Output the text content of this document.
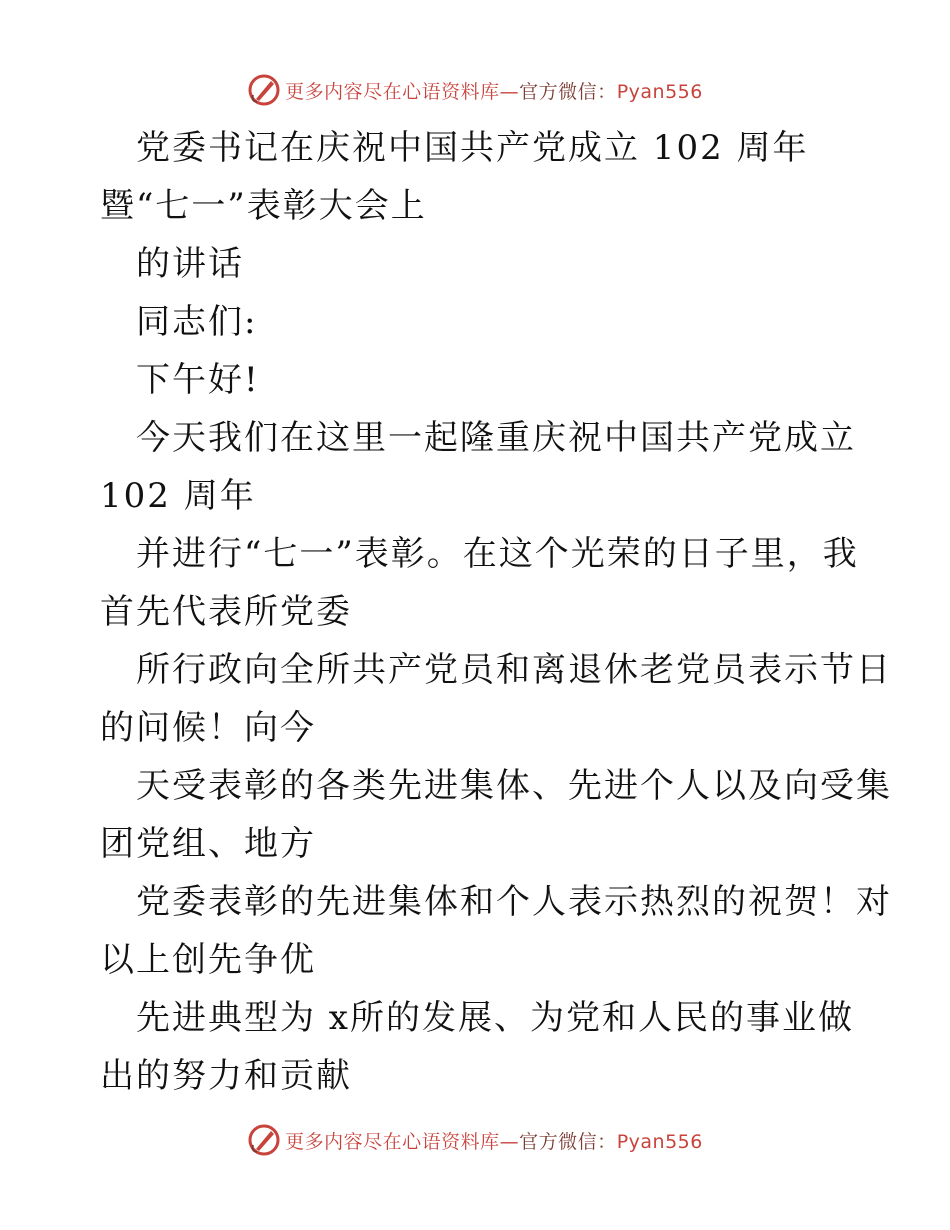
更多内容尽在心语资料库—官方微信：Pyan556
党委书记在庆祝中国共产党成立 102 周年
暨“七一”表彰大会上
的讲话
同志们:
下午好!
今天我们在这里一起隆重庆祝中国共产党成立
102 周年
并进行“七一”表彰。在这个光荣的日子里，我
首先代表所党委
所行政向全所共产党员和离退休老党员表示节日
的问候！向今
天受表彰的各类先进集体、先进个人以及向受集
团党组、地方
党委表彰的先进集体和个人表示热烈的祝贺！对
以上创先争优
先进典型为 x所的发展、为党和人民的事业做
出的努力和贡献
更多内容尽在心语资料库—官方微信：Pyan556
